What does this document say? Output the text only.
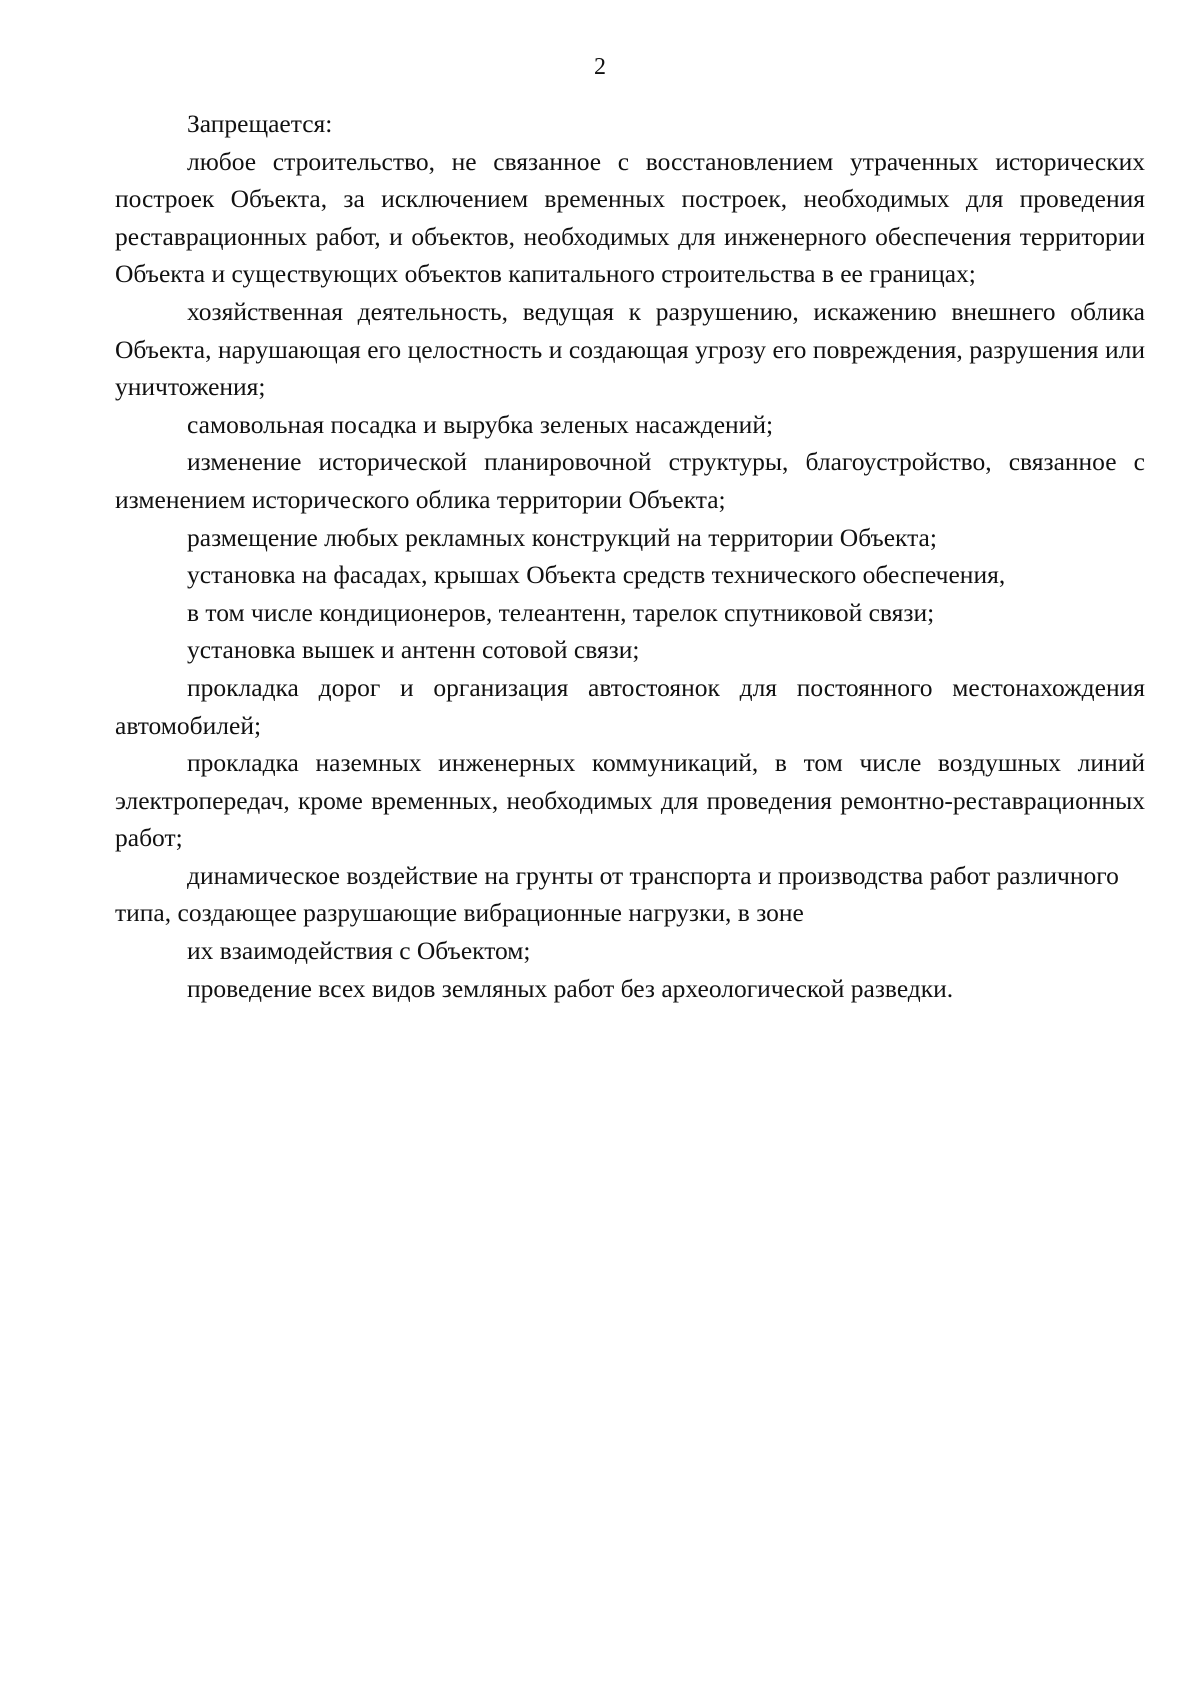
2

Запрещается:

любое строительство, не связанное с восстановлением утраченных исторических построек Объекта, за исключением временных построек, необходимых для проведения реставрационных работ, и объектов, необходимых для инженерного обеспечения территории Объекта и существующих объектов капитального строительства в ее границах;

хозяйственная деятельность, ведущая к разрушению, искажению внешнего облика Объекта, нарушающая его целостность и создающая угрозу его повреждения, разрушения или уничтожения;

самовольная посадка и вырубка зеленых насаждений;

изменение исторической планировочной структуры, благоустройство, связанное с изменением исторического облика территории Объекта;

размещение любых рекламных конструкций на территории Объекта;

установка на фасадах, крышах Объекта средств технического обеспечения,

в том числе кондиционеров, телеантенн, тарелок спутниковой связи;

установка вышек и антенн сотовой связи;

прокладка дорог и организация автостоянок для постоянного местонахождения автомобилей;

прокладка наземных инженерных коммуникаций, в том числе воздушных линий электропередач, кроме временных, необходимых для проведения ремонтно-реставрационных работ;

динамическое воздействие на грунты от транспорта и производства работ различного типа, создающее разрушающие вибрационные нагрузки, в зоне

их взаимодействия с Объектом;

проведение всех видов земляных работ без археологической разведки.
